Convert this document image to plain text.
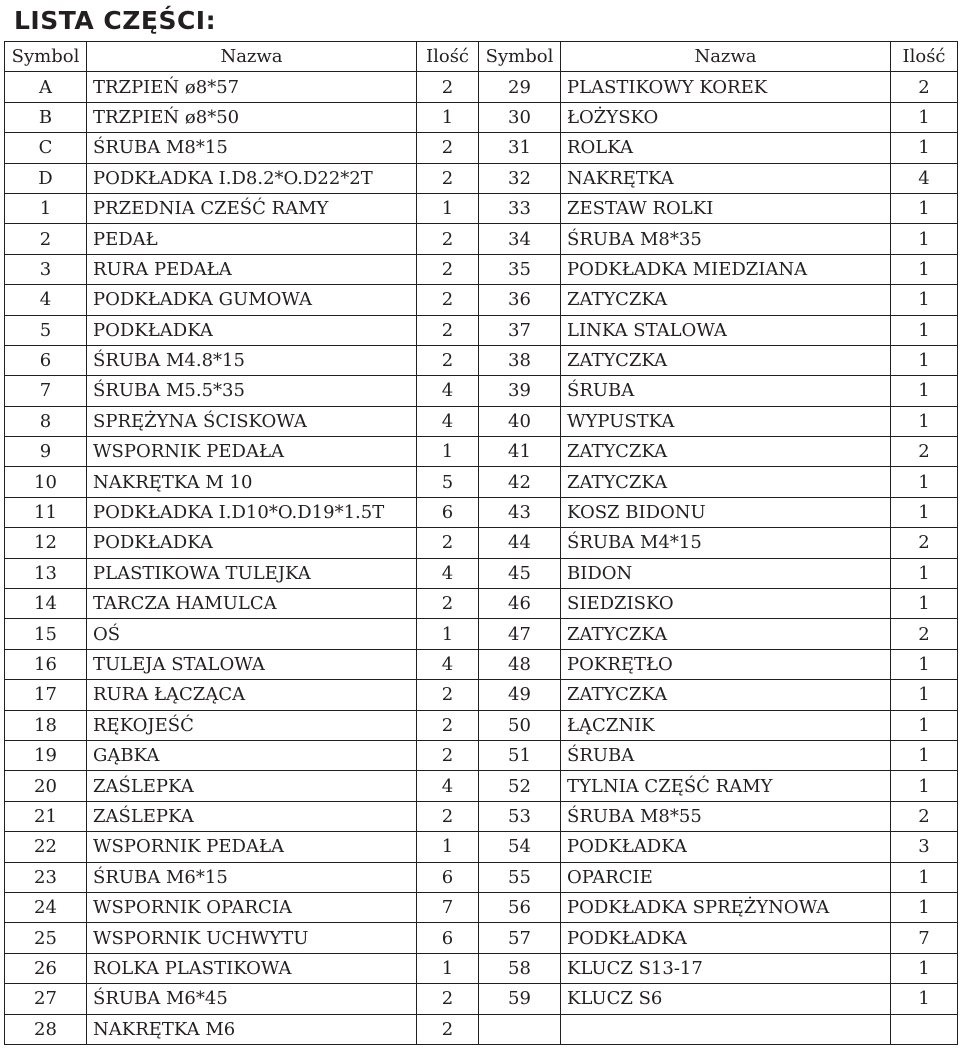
LISTA CZĘŚCI:
Symbol	Nazwa	Ilość	Symbol	Nazwa	Ilość
A	TRZPIEŃ ø8*57	2	29	PLASTIKOWY KOREK	2
B	TRZPIEŃ ø8*50	1	30	ŁOŻYSKO	1
C	ŚRUBA M8*15	2	31	ROLKA	1
D	PODKŁADKA I.D8.2*O.D22*2T	2	32	NAKRĘTKA	4
1	PRZEDNIA CZEŚĆ RAMY	1	33	ZESTAW ROLKI	1
2	PEDAŁ	2	34	ŚRUBA M8*35	1
3	RURA PEDAŁA	2	35	PODKŁADKA MIEDZIANA	1
4	PODKŁADKA GUMOWA	2	36	ZATYCZKA	1
5	PODKŁADKA	2	37	LINKA STALOWA	1
6	ŚRUBA M4.8*15	2	38	ZATYCZKA	1
7	ŚRUBA M5.5*35	4	39	ŚRUBA	1
8	SPRĘŻYNA ŚCISKOWA	4	40	WYPUSTKA	1
9	WSPORNIK PEDAŁA	1	41	ZATYCZKA	2
10	NAKRĘTKA M 10	5	42	ZATYCZKA	1
11	PODKŁADKA I.D10*O.D19*1.5T	6	43	KOSZ BIDONU	1
12	PODKŁADKA	2	44	ŚRUBA M4*15	2
13	PLASTIKOWA TULEJKA	4	45	BIDON	1
14	TARCZA HAMULCA	2	46	SIEDZISKO	1
15	OŚ	1	47	ZATYCZKA	2
16	TULEJA STALOWA	4	48	POKRĘTŁO	1
17	RURA ŁĄCZĄCA	2	49	ZATYCZKA	1
18	RĘKOJEŚĆ	2	50	ŁĄCZNIK	1
19	GĄBKA	2	51	ŚRUBA	1
20	ZAŚLEPKA	4	52	TYLNIA CZĘŚĆ RAMY	1
21	ZAŚLEPKA	2	53	ŚRUBA M8*55	2
22	WSPORNIK PEDAŁA	1	54	PODKŁADKA	3
23	ŚRUBA M6*15	6	55	OPARCIE	1
24	WSPORNIK OPARCIA	7	56	PODKŁADKA SPRĘŻYNOWA	1
25	WSPORNIK UCHWYTU	6	57	PODKŁADKA	7
26	ROLKA PLASTIKOWA	1	58	KLUCZ S13-17	1
27	ŚRUBA M6*45	2	59	KLUCZ S6	1
28	NAKRĘTKA M6	2			
